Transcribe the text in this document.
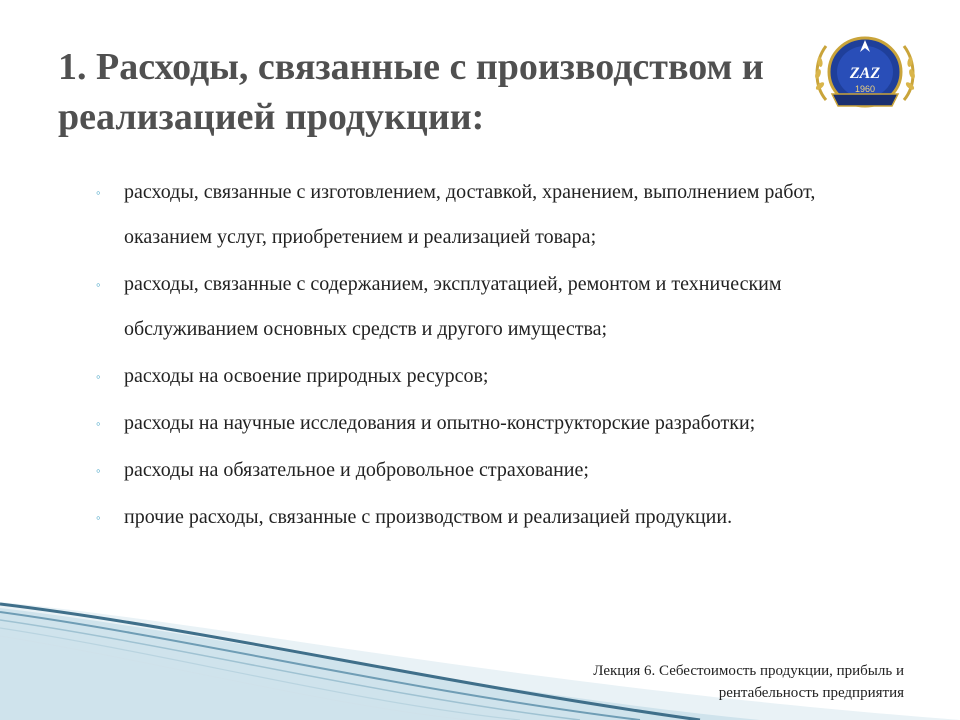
1. Расходы, связанные с производством и реализацией продукции:
ZAZ
1960
◦ расходы, связанные с изготовлением, доставкой, хранением, выполнением работ, оказанием услуг, приобретением и реализацией товара;
◦ расходы, связанные с содержанием, эксплуатацией, ремонтом и техническим обслуживанием основных средств и другого имущества;
◦ расходы на освоение природных ресурсов;
◦ расходы на научные исследования и опытно-конструкторские разработки;
◦ расходы на обязательное и добровольное страхование;
◦ прочие расходы, связанные с производством и реализацией продукции.
Лекция 6. Себестоимость продукции, прибыль и
рентабельность предприятия
